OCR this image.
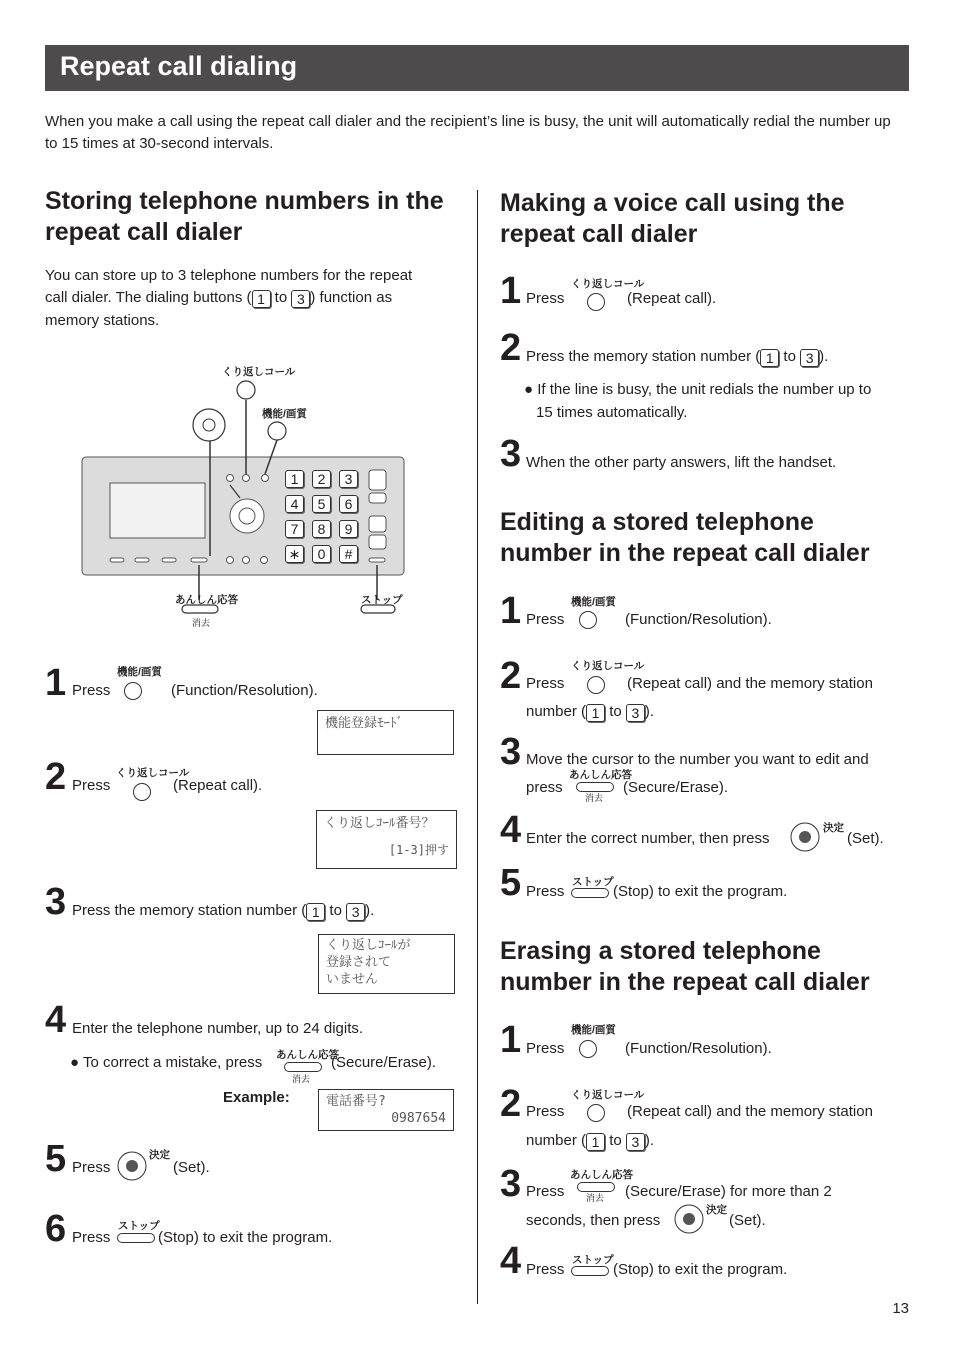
Repeat call dialing
When you make a call using the repeat call dialer and the recipient’s line is busy, the unit will automatically redial the number up to 15 times at 30-second intervals.
Storing telephone numbers in the
repeat call dialer
You can store up to 3 telephone numbers for the repeat
call dialer. The dialing buttons ( 1 to 3 ) function as
memory stations.
くり返しコール
機能/画質
あんしん応答
消去
ストップ
1	2	3
4	5	6
7	8	9
∗	0	#
1 Press
機能/画質
(Function/Resolution).
機能登録ﾓｰﾄﾞ
2 Press
くり返しコール
(Repeat call).
くり返しｺｰﾙ番号？
[1-3]押す
3 Press the memory station number ( 1 to 3 ).
くり返しｺｰﾙが
登録されて
いません
4 Enter the telephone number, up to 24 digits.
● To correct a mistake, press あんしん応答
消去
(Secure/Erase).
Example:	電話番号?
0987654
5 Press
決定
(Set).
6 Press
ストップ
(Stop) to exit the program.
Making a voice call using the
repeat call dialer
1 Press
くり返しコール
(Repeat call).
2 Press the memory station number ( 1 to 3 ).
● If the line is busy, the unit redials the number up to
15 times automatically.
3 When the other party answers, lift the handset.
Editing a stored telephone
number in the repeat call dialer
1 Press
機能/画質
(Function/Resolution).
2 Press
くり返しコール
(Repeat call) and the memory station
number ( 1 to 3 ).
3 Move the cursor to the number you want to edit and
press
あんしん応答
消去
(Secure/Erase).
4 Enter the correct number, then press
決定
(Set).
5 Press
ストップ
(Stop) to exit the program.
Erasing a stored telephone
number in the repeat call dialer
1 Press
機能/画質
(Function/Resolution).
2 Press
くり返しコール
(Repeat call) and the memory station
number ( 1 to 3 ).
3 Press
あんしん応答
消去 (Secure/Erase) for more than 2
seconds, then press
決定
(Set).
4 Press
ストップ
(Stop) to exit the program.
13
